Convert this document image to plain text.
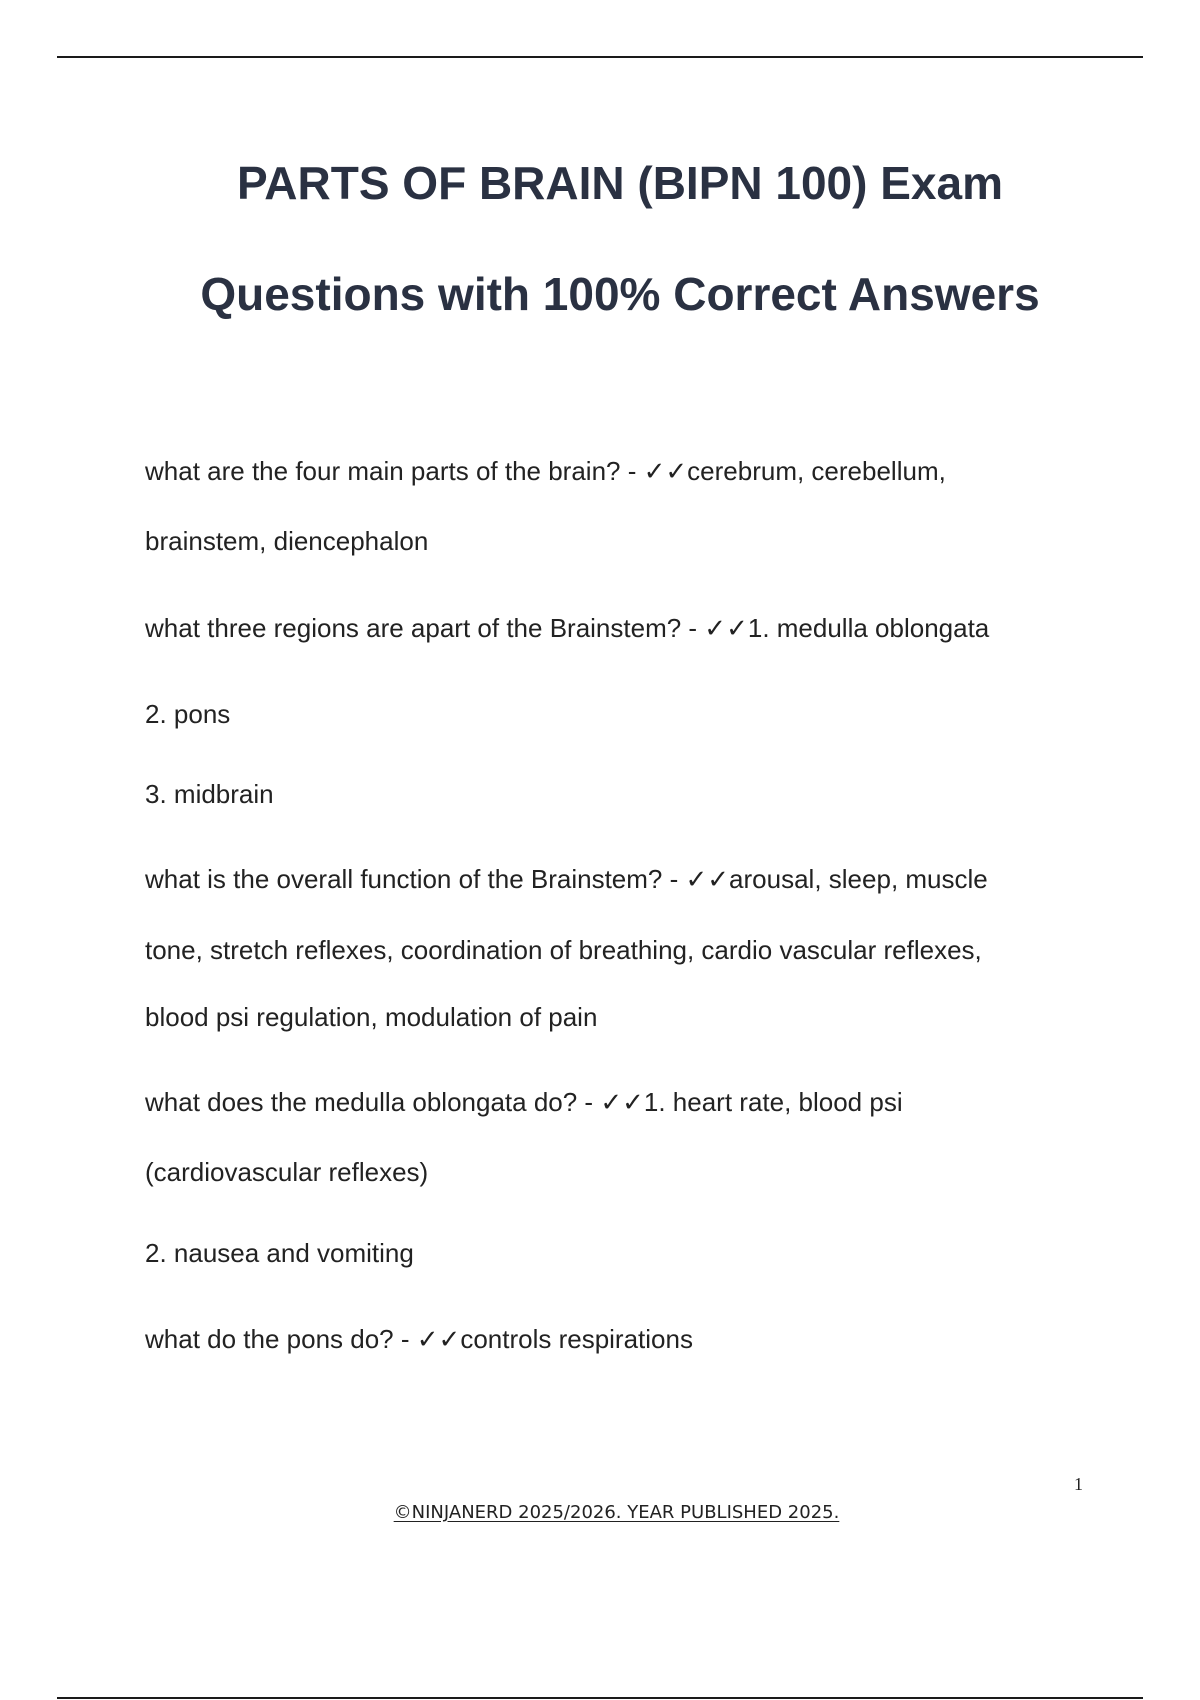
PARTS OF BRAIN (BIPN 100) Exam
Questions with 100% Correct Answers

what are the four main parts of the brain? - ✓✓cerebrum, cerebellum,

brainstem, diencephalon

what three regions are apart of the Brainstem? - ✓✓1. medulla oblongata

2. pons

3. midbrain

what is the overall function of the Brainstem? - ✓✓arousal, sleep, muscle

tone, stretch reflexes, coordination of breathing, cardio vascular reflexes,

blood psi regulation, modulation of pain

what does the medulla oblongata do? - ✓✓1. heart rate, blood psi

(cardiovascular reflexes)

2. nausea and vomiting

what do the pons do? - ✓✓controls respirations

1
©NINJANERD 2025/2026. YEAR PUBLISHED 2025.
